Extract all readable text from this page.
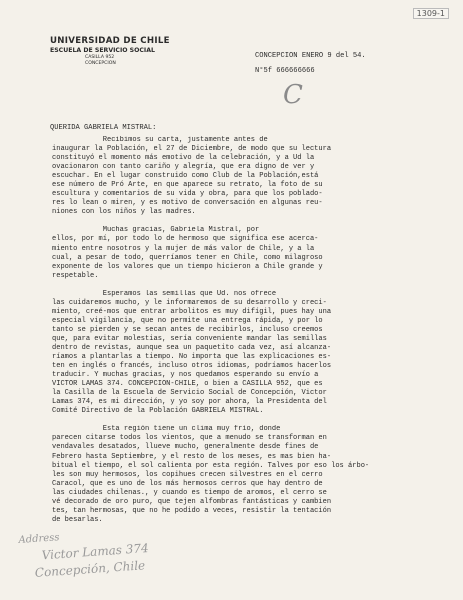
1309-1
UNIVERSIDAD DE CHILE
ESCUELA DE SERVICIO SOCIAL
CASILLA 952
CONCEPCION
CONCEPCION ENERO 9 del 54.
N°5f 666666666
C
QUERIDA GABRIELA MISTRAL:

Recibimos su carta, justamente antes de
inaugurar la Población, el 27 de Diciembre, de modo que su lectura
constituyó el momento más emotivo de la celebración, y a Ud la
ovacionaron con tanto cariño y alegría, que era digno de ver y
escuchar. En el lugar construido como Club de la Población,está
ese número de Pró Arte, en que aparece su retrato, la foto de su
escultura y comentarios de su vida y obra, para que los poblado-
res lo lean o miren, y es motivo de conversación en algunas reu-
niones con los niños y las madres.

Muchas gracias, Gabriela Mistral, por
ellos, por mí, por todo lo de hermoso que significa ese acerca-
miento entre nosotros y la mujer de más valor de Chile, y a la
cual, a pesar de todo, querríamos tener en Chile, como milagroso
exponente de los valores que un tiempo hicieron a Chile grande y
respetable.

Esperamos las semillas que Ud. nos ofrece
las cuidaremos mucho, y le informaremos de su desarrollo y creci-
miento, creé-mos que entrar arbolitos es muy difígil, pues hay una
especial vigilancia, que no permite una entrega rápida, y por lo
tanto se pierden y se secan antes de recibirlos, incluso creemos
que, para evitar molestias, sería conveniente mandar las semillas
dentro de revistas, aunque sea un paquetito cada vez, así alcanza-
ríamos a plantarlas a tiempo. No importa que las explicaciones es-
ten en inglés o francés, incluso otros idiomas, podríamos hacerlos
traducir. Y muchas gracias, y nos quedamos esperando su envío a
VICTOR LAMAS 374. CONCEPCION-CHILE, o bien a CASILLA 952, que es
la Casilla de la Escuela de Servicio Social de Concepción, Victor
Lamas 374, es mi dirección, y yo soy por ahora, la Presidenta del
Comité Directivo de la Población GABRIELA MISTRAL.

Esta región tiene un clima muy frío, donde
parecen citarse todos los vientos, que a menudo se transforman en
vendavales desatados, llueve mucho, generalmente desde fines de
Febrero hasta Septiembre, y el resto de los meses, es mas bien ha-
bitual el tiempo, el sol calienta por esta región. Talves por eso los árbo-
les son muy hermosos, los copihues crecen silvestres en el cerro
Caracol, que es uno de los más hermosos cerros que hay dentro de
las ciudades chilenas., y cuando es tiempo de aromos, el cerro se
vé decorado de oro puro, que tejen alfombras fantásticas y cambien
tes, tan hermosas, que no he podido a veces, resistir la tentación
de besarlas.

Address
Victor Lamas 374
Concepción, Chile
